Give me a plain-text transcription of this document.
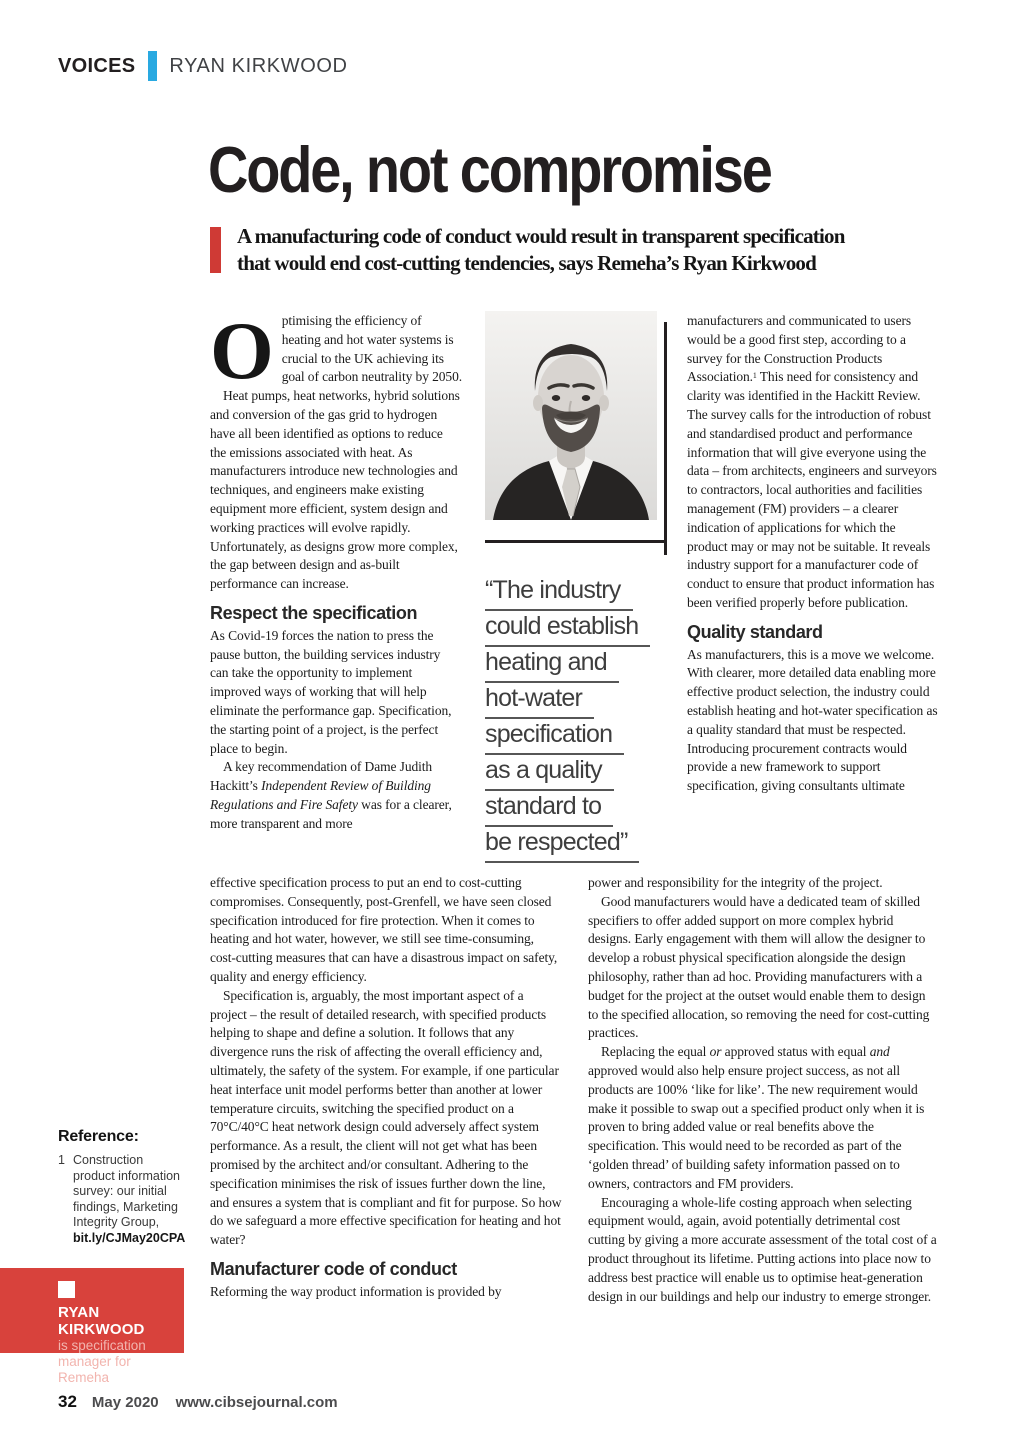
VOICES RYAN KIRKWOOD
Code, not compromise
A manufacturing code of conduct would result in transparent specification
that would end cost-cutting tendencies, says Remeha’s Ryan Kirkwood

Optimising the efficiency of heating and hot water systems is crucial to the UK achieving its goal of carbon neutrality by 2050.

Heat pumps, heat networks, hybrid solutions and conversion of the gas grid to hydrogen have all been identified as options to reduce the emissions associated with heat. As manufacturers introduce new technologies and techniques, and engineers make existing equipment more efficient, system design and working practices will evolve rapidly. Unfortunately, as designs grow more complex, the gap between design and as-built performance can increase.

Respect the specification

As Covid-19 forces the nation to press the pause button, the building services industry can take the opportunity to implement improved ways of working that will help eliminate the performance gap. Specification, the starting point of a project, is the perfect place to begin.

A key recommendation of Dame Judith Hackitt’s Independent Review of Building Regulations and Fire Safety was for a clearer, more transparent and more

“The industry
could establish
heating and
hot-water
specification
as a quality
standard to
be respected”

manufacturers and communicated to users would be a good first step, according to a survey for the Construction Products Association.$^1$ This need for consistency and clarity was identified in the Hackitt Review. The survey calls for the introduction of robust and standardised product and performance information that will give everyone using the data – from architects, engineers and surveyors to contractors, local authorities and facilities management (FM) providers – a clearer indication of applications for which the product may or may not be suitable. It reveals industry support for a manufacturer code of conduct to ensure that product information has been verified properly before publication.

Quality standard

As manufacturers, this is a move we welcome. With clearer, more detailed data enabling more effective product selection, the industry could establish heating and hot-water specification as a quality standard that must be respected. Introducing procurement contracts would provide a new framework to support specification, giving consultants ultimate

effective specification process to put an end to cost-cutting compromises. Consequently, post-Grenfell, we have seen closed specification introduced for fire protection. When it comes to heating and hot water, however, we still see time-consuming, cost-cutting measures that can have a disastrous impact on safety, quality and energy efficiency.

Specification is, arguably, the most important aspect of a project – the result of detailed research, with specified products helping to shape and define a solution. It follows that any divergence runs the risk of affecting the overall efficiency and, ultimately, the safety of the system. For example, if one particular heat interface unit model performs better than another at lower temperature circuits, switching the specified product on a 70°C/40°C heat network design could adversely affect system performance. As a result, the client will not get what has been promised by the architect and/or consultant. Adhering to the specification minimises the risk of issues further down the line, and ensures a system that is compliant and fit for purpose. So how do we safeguard a more effective specification for heating and hot water?

Manufacturer code of conduct

Reforming the way product information is provided by

power and responsibility for the integrity of the project.

Good manufacturers would have a dedicated team of skilled specifiers to offer added support on more complex hybrid designs. Early engagement with them will allow the designer to develop a robust physical specification alongside the design philosophy, rather than ad hoc. Providing manufacturers with a budget for the project at the outset would enable them to design to the specified allocation, so removing the need for cost-cutting practices.

Replacing the equal or approved status with equal and approved would also help ensure project success, as not all products are 100% ‘like for like’. The new requirement would make it possible to swap out a specified product only when it is proven to bring added value or real benefits above the specification. This would need to be recorded as part of the ‘golden thread’ of building safety information passed on to owners, contractors and FM providers.

Encouraging a whole-life costing approach when selecting equipment would, again, avoid potentially detrimental cost cutting by giving a more accurate assessment of the total cost of a product throughout its lifetime. Putting actions into place now to address best practice will enable us to optimise heat-generation design in our buildings and help our industry to emerge stronger.

Reference:
1 Construction product information survey: our initial findings, Marketing Integrity Group, bit.ly/CJMay20CPA
RYAN KIRKWOOD
is specification manager for Remeha
32 May 2020 www.cibsejournal.com
